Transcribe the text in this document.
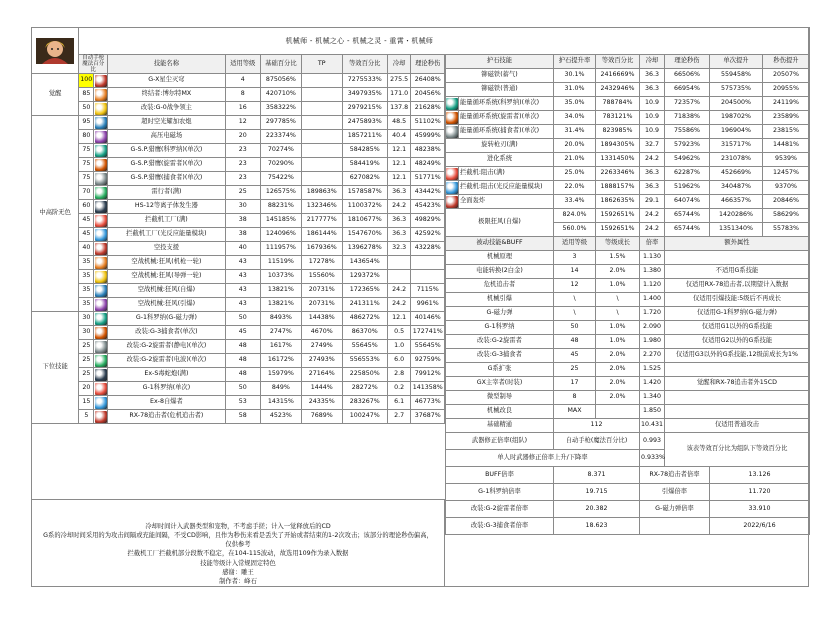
	自动手枪
魔法百分比		技能名称	适用等级	基础百分比	TP	等效百分比	冷却	理论秒伤
觉醒	100		G-X星尘灭穹	4	875056%		7275533%	275.5	26408%
	85		终结者:博尔特MX	8	420710%		3497935%	171.0	20456%
	50		改装:G-0战争领主	16	358322%		2979215%	137.8	21628%
中高阶无色	95		超时空光耀加农炮	12	297785%		2475893%	48.5	51102%
	80		高压电磁场	20	223374%		1857211%	40.4	45999%
	75		G-S.P.猎鹰(科罗纳)(单次)	23	70274%		584285%	12.1	48238%
	75		G-S.P.猎鹰(旋雷者)(单次)	23	70290%		584419%	12.1	48249%
	75		G-S.P.猎鹰(捕食者)(单次)	23	75422%		627082%	12.1	51771%
	70		雷行者(满)	25	126575%	189863%	1578587%	36.3	43442%
	60		HS-12等离子体发生器	30	88231%	132346%	1100372%	24.2	45423%
	45		拦截机工厂(满)	38	145185%	217777%	1810677%	36.3	49829%
	45		拦截机工厂(光反应能量模块)	38	124096%	186144%	1547670%	36.3	42592%
	40		空投支援	40	111957%	167936%	1396278%	32.3	43228%
	35		空战机械:狂风(机枪一轮)	43	11519%	17278%	143654%		
	35		空战机械:狂风(导弹一轮)	43	10373%	15560%	129372%		
	35		空战机械:狂风(自爆)	43	13821%	20731%	172365%	24.2	7115%
	35		空战机械:狂风(引爆)	43	13821%	20731%	241311%	24.2	9961%
下位技能	30		G-1科罗纳(G-磁力弹)	50	8493%	14438%	486272%	12.1	40146%
	30		改装:G-3捕食者(单次)	45	2747%	4670%	86370%	0.5	172741%
	25		改装:G-2旋雷者(静电)(单次)	48	1617%	2749%	55645%	1.0	55645%
	25		改装:G-2旋雷者(电波)(单次)	48	16172%	27493%	556553%	6.0	92759%
	25		Ex-S毒蛇炮(满)	48	15979%	27164%	225850%	2.8	79912%
	20		G-1科罗纳(单次)	50	849%	1444%	28272%	0.2	141358%
	15		Ex-8自爆者	53	14315%	24335%	283267%	6.1	46773%
	5		RX-78追击者(危机追击者)	58	4523%	7689%	100247%	2.7	37687%
机械师 - 机械之心 - 机械之灵 - 重霄・机械师							
护石技能		护石提升率	等效百分比	冷却	理论秒伤	单次提升	秒伤提升
铆磁铁(蓄气)		30.1%	2416669%	36.3	66506%	559458%	20507%
铆磁铁(普通)		31.0%	2432946%	36.3	66954%	575735%	20955%
	能量循环系统(科罗纳)(单次)	35.0%	788784%	10.9	72357%	204500%	24119%
	能量循环系统(旋雷者)(单次)	34.0%	783121%	10.9	71838%	198702%	23589%
	能量循环系统(捕食者)(单次)	31.4%	823985%	10.9	75586%	196904%	23815%
旋转枪刃(满)		20.0%	1894305%	32.7	57923%	315717%	14481%
进化系统		21.0%	1331450%	24.2	54962%	231078%	9539%
	拦截机:阻击(满)	25.0%	2263346%	36.3	62287%	452669%	12457%
	拦截机:阻击(光反应能量模块)	22.0%	1888157%	36.3	51962%	340487%	9370%
	全面轰炸	33.4%	1862635%	29.1	64074%	466357%	20846%
极限狂风(自爆)		824.0%	1592651%	24.2	65744%	1420286%	58629%
		560.0%	1592651%	24.2	65744%	1351340%	55783%
被动技能&BUFF		适用等级	等级成长	倍率	额外属性		
机械原理		3	1.5%	1.130			
电能转换(2白金)		14	2.0%	1.380	不适用G系技能		
危机追击者		12	1.0%	1.120	仅适用RX-78追击者,以期望计入数据		
机械引爆		\	\	1.400	仅适用引爆技能:5级后不再成长		
G-磁力弹		\	\	1.720	仅适用G-1科罗纳(G-磁力弹)		
G-1科罗纳		50	1.0%	2.090	仅适用G1以外的G系技能		
改装:G-2旋雷者		48	1.0%	1.980	仅适用G2以外的G系技能		
改装:G-3捕食者		45	2.0%	2.270	仅适用G3以外的G系技能,12级前成长为1%		
G系扩张		25	2.0%	1.525			
GX主宰者(时装)		17	2.0%	1.420	觉醒和RX-78追击者外15CD		
微型制导		8	2.0%	1.340			
机械改良		MAX		1.850			
基础精通		112		10.431	仅适用普通攻击		
武器修正倍率(组队)		自动手枪(魔法百分比)		0.993	该表等效百分比为组队下等效百分比		
单人时武器修正倍率上升/下降率				0.933%			
BUFF倍率		8.371		RX-78追击者倍率		13.126	
G-1科罗纳倍率		19.715		引爆倍率		11.720	
改装:G-2旋雷者倍率		20.382		G-磁力弹倍率		33.910	
改装:G-3捕食者倍率		18.623				2022/6/16	
冷却时间计入武器类型和宠物，不考虑手搓；计入一觉释放后的CD
G系的冷却时间采用的为攻击间隔或充能间隔，不受CD影响，且作为秒伤来看是丢失了开始或者结束的1-2次攻击；该部分的理论秒伤偏高，仅供参考
拦截机工厂拦截机部分段数不稳定，在104-115波动，故选用109作为录入数据
技能等级计入常规固定特色
感谢：雕王
制作者：峰石
